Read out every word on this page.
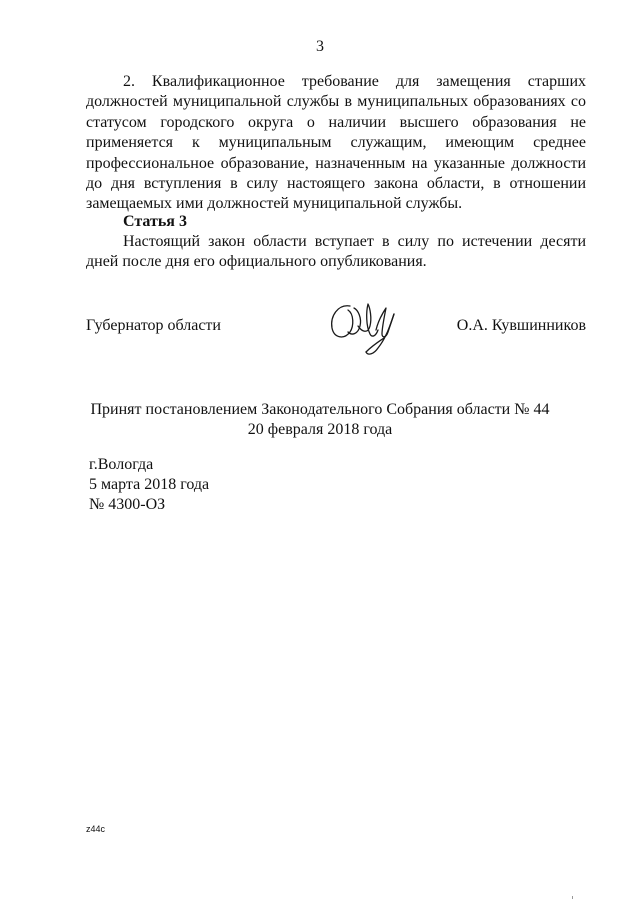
3

2. Квалификационное требование для замещения старших должностей муниципальной службы в муниципальных образованиях со статусом городского округа о наличии высшего образования не применяется к муниципальным служащим, имеющим среднее профессиональное образование, назначенным на указанные должности до дня вступления в силу настоящего закона области, в отношении замещаемых ими должностей муниципальной службы.

Статья 3

Настоящий закон области вступает в силу по истечении десяти дней после дня его официального опубликования.

Губернатор области	О.А. Кувшинников
Принят постановлением Законодательного Собрания области № 44
20 февраля 2018 года
г.Вологда
5 марта 2018 года
№ 4300-ОЗ
z44c
